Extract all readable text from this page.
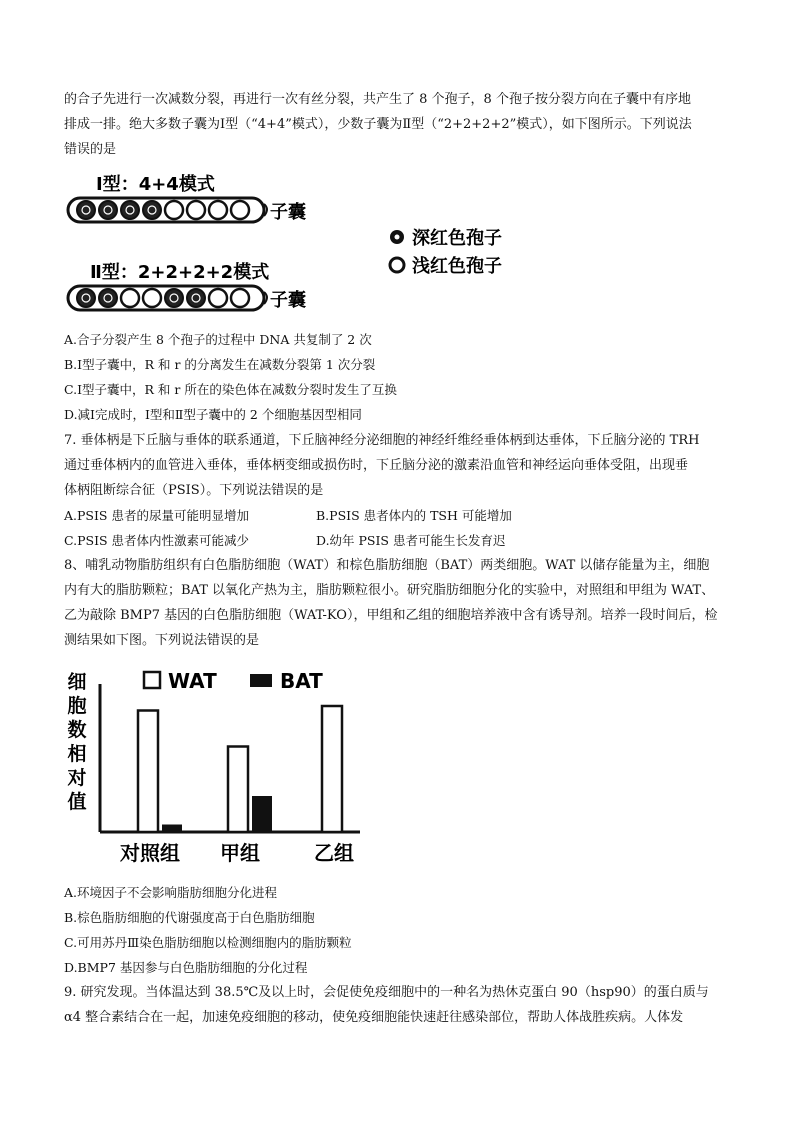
的合子先进行一次减数分裂，再进行一次有丝分裂，共产生了 8 个孢子，8 个孢子按分裂方向在子囊中有序地
排成一排。绝大多数子囊为Ⅰ型（“4+4”模式），少数子囊为Ⅱ型（“2+2+2+2”模式），如下图所示。下列说法
错误的是
Ⅰ型：4+4模式
子囊
Ⅱ型：2+2+2+2模式
子囊
深红色孢子
浅红色孢子
A.合子分裂产生 8 个孢子的过程中 DNA 共复制了 2 次
B.Ⅰ型子囊中，R 和 r 的分离发生在减数分裂第 1 次分裂
C.Ⅰ型子囊中，R 和 r 所在的染色体在减数分裂时发生了互换
D.减Ⅰ完成时，Ⅰ型和Ⅱ型子囊中的 2 个细胞基因型相同
7. 垂体柄是下丘脑与垂体的联系通道，下丘脑神经分泌细胞的神经纤维经垂体柄到达垂体，下丘脑分泌的 TRH
通过垂体柄内的血管进入垂体，垂体柄变细或损伤时，下丘脑分泌的激素沿血管和神经运向垂体受阻，出现垂
体柄阻断综合征（PSIS）。下列说法错误的是
A.PSIS 患者的尿量可能明显增加	B.PSIS 患者体内的 TSH 可能增加
C.PSIS 患者体内性激素可能减少	D.幼年 PSIS 患者可能生长发育迟
8、哺乳动物脂肪组织有白色脂肪细胞（WAT）和棕色脂肪细胞（BAT）两类细胞。WAT 以储存能量为主，细胞
内有大的脂肪颗粒；BAT 以氧化产热为主，脂肪颗粒很小。研究脂肪细胞分化的实验中，对照组和甲组为 WAT、
乙为敲除 BMP7 基因的白色脂肪细胞（WAT-KO），甲组和乙组的细胞培养液中含有诱导剂。培养一段时间后，检
测结果如下图。下列说法错误的是
细
胞
数
相
对
值
WAT	BAT
对照组 甲组	乙组
A.环境因子不会影响脂肪细胞分化进程
B.棕色脂肪细胞的代谢强度高于白色脂肪细胞
C.可用苏丹Ⅲ染色脂肪细胞以检测细胞内的脂肪颗粒
D.BMP7 基因参与白色脂肪细胞的分化过程
9. 研究发现。当体温达到 38.5℃及以上时，会促使免疫细胞中的一种名为热休克蛋白 90（hsp90）的蛋白质与
α4 整合素结合在一起，加速免疫细胞的移动，使免疫细胞能快速赶往感染部位，帮助人体战胜疾病。人体发
